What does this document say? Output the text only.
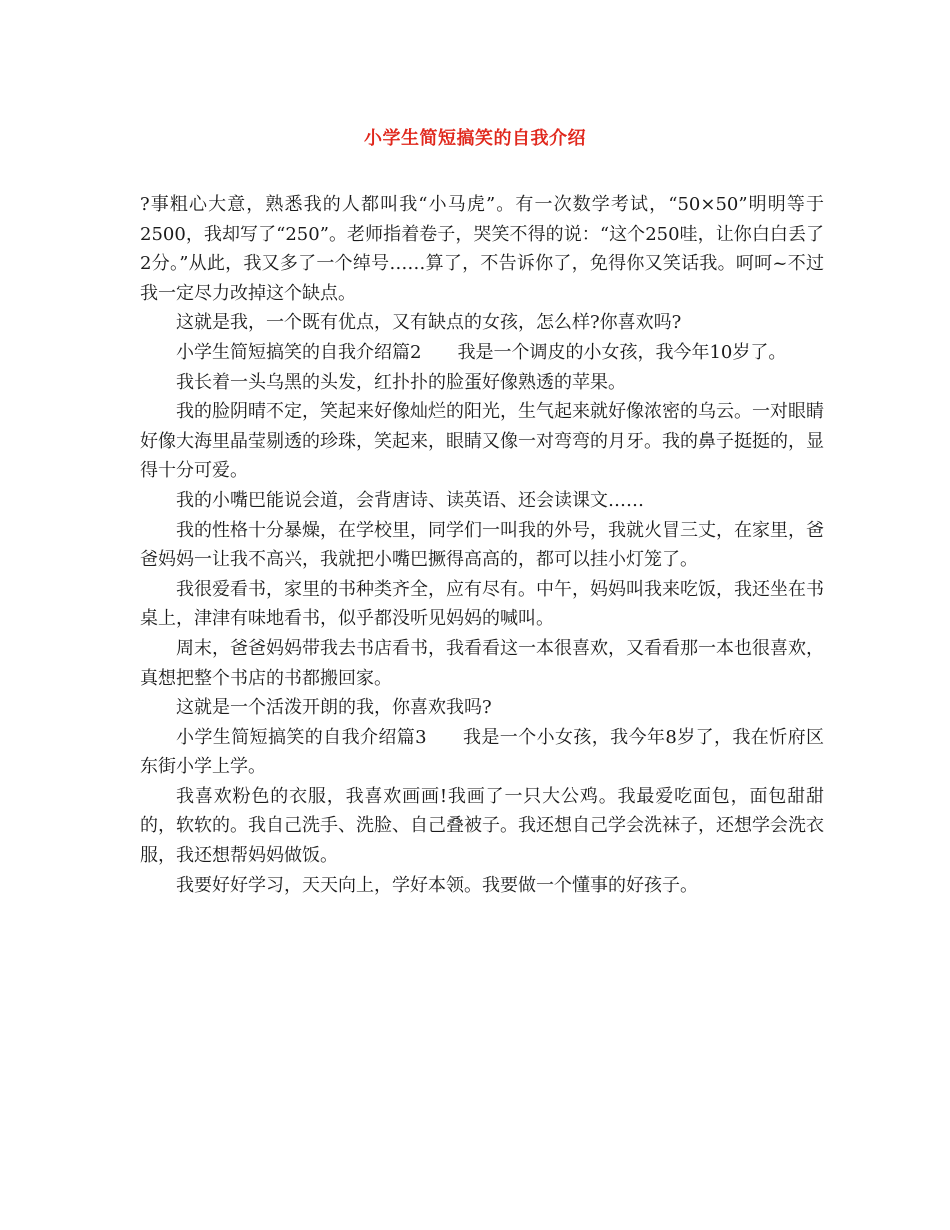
小学生简短搞笑的自我介绍

?事粗心大意，熟悉我的人都叫我“小马虎”。有一次数学考试，“50×50”明明等于2500，我却写了“250”。老师指着卷子，哭笑不得的说：“这个250哇，让你白白丢了2分。”从此，我又多了一个绰号……算了，不告诉你了，免得你又笑话我。呵呵~不过我一定尽力改掉这个缺点。

这就是我，一个既有优点，又有缺点的女孩，怎么样?你喜欢吗?

小学生简短搞笑的自我介绍篇2 我是一个调皮的小女孩，我今年10岁了。

我长着一头乌黑的头发，红扑扑的脸蛋好像熟透的苹果。

我的脸阴晴不定，笑起来好像灿烂的阳光，生气起来就好像浓密的乌云。一对眼睛好像大海里晶莹剔透的珍珠，笑起来，眼睛又像一对弯弯的月牙。我的鼻子挺挺的，显得十分可爱。

我的小嘴巴能说会道，会背唐诗、读英语、还会读课文……

我的性格十分暴燥，在学校里，同学们一叫我的外号，我就火冒三丈，在家里，爸爸妈妈一让我不高兴，我就把小嘴巴撅得高高的，都可以挂小灯笼了。

我很爱看书，家里的书种类齐全，应有尽有。中午，妈妈叫我来吃饭，我还坐在书桌上，津津有味地看书，似乎都没听见妈妈的喊叫。

周末，爸爸妈妈带我去书店看书，我看看这一本很喜欢，又看看那一本也很喜欢，真想把整个书店的书都搬回家。

这就是一个活泼开朗的我，你喜欢我吗?

小学生简短搞笑的自我介绍篇3 我是一个小女孩，我今年8岁了，我在忻府区东街小学上学。

我喜欢粉色的衣服，我喜欢画画!我画了一只大公鸡。我最爱吃面包，面包甜甜的，软软的。我自己洗手、洗脸、自己叠被子。我还想自己学会洗袜子，还想学会洗衣服，我还想帮妈妈做饭。

我要好好学习，天天向上，学好本领。我要做一个懂事的好孩子。
